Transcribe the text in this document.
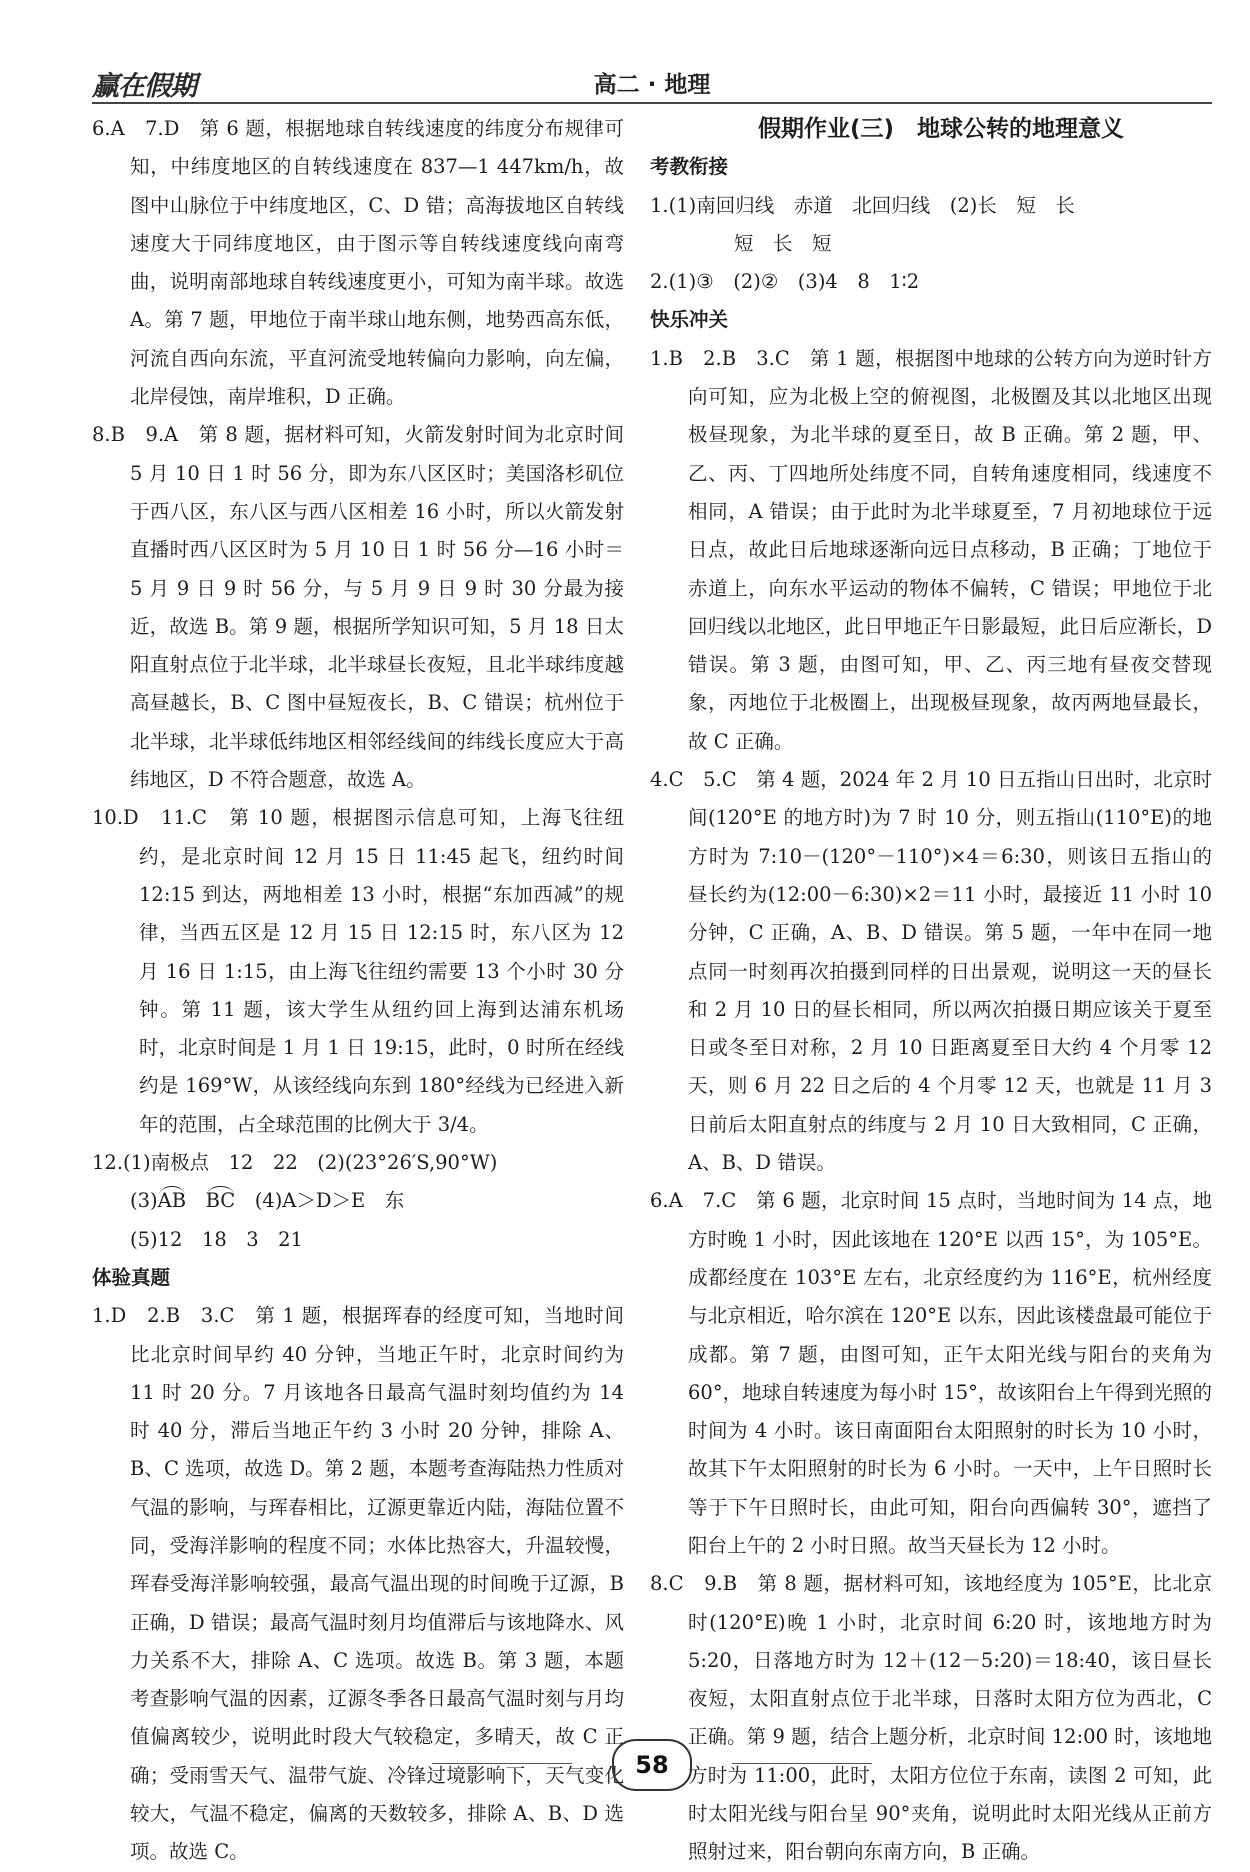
赢在假期	高二 · 地理

6.A　7.D　第 6 题，根据地球自转线速度的纬度分布规律可知，中纬度地区的自转线速度在 837—1 447km/h，故图中山脉位于中纬度地区，C、D 错；高海拔地区自转线速度大于同纬度地区，由于图示等自转线速度线向南弯曲，说明南部地球自转线速度更小，可知为南半球。故选 A。第 7 题，甲地位于南半球山地东侧，地势西高东低，河流自西向东流，平直河流受地转偏向力影响，向左偏，北岸侵蚀，南岸堆积，D 正确。

8.B　9.A　第 8 题，据材料可知，火箭发射时间为北京时间 5 月 10 日 1 时 56 分，即为东八区区时；美国洛杉矶位于西八区，东八区与西八区相差 16 小时，所以火箭发射直播时西八区区时为 5 月 10 日 1 时 56 分—16 小时＝5 月 9 日 9 时 56 分，与 5 月 9 日 9 时 30 分最为接近，故选 B。第 9 题，根据所学知识可知，5 月 18 日太阳直射点位于北半球，北半球昼长夜短，且北半球纬度越高昼越长，B、C 图中昼短夜长，B、C 错误；杭州位于北半球，北半球低纬地区相邻经线间的纬线长度应大于高纬地区，D 不符合题意，故选 A。

10.D　11.C　第 10 题，根据图示信息可知，上海飞往纽约，是北京时间 12 月 15 日 11:45 起飞，纽约时间 12:15 到达，两地相差 13 小时，根据“东加西减”的规律，当西五区是 12 月 15 日 12:15 时，东八区为 12 月 16 日 1:15，由上海飞往纽约需要 13 个小时 30 分钟。第 11 题，该大学生从纽约回上海到达浦东机场时，北京时间是 1 月 1 日 19:15，此时，0 时所在经线约是 169°W，从该经线向东到 180°经线为已经进入新年的范围，占全球范围的比例大于 3/4。

12.(1)南极点　12　22　(2)(23°26′S,90°W)

(3)AB　 BC　(4)A＞D＞E　东

(5)12　18　3　21

体验真题

1.D　2.B　3.C　第 1 题，根据珲春的经度可知，当地时间比北京时间早约 40 分钟，当地正午时，北京时间约为 11 时 20 分。7 月该地各日最高气温时刻均值约为 14 时 40 分，滞后当地正午约 3 小时 20 分钟，排除 A、B、C 选项，故选 D。第 2 题，本题考查海陆热力性质对气温的影响，与珲春相比，辽源更靠近内陆，海陆位置不同，受海洋影响的程度不同；水体比热容大，升温较慢，珲春受海洋影响较强，最高气温出现的时间晚于辽源，B 正确，D 错误；最高气温时刻月均值滞后与该地降水、风力关系不大，排除 A、C 选项。故选 B。第 3 题，本题考查影响气温的因素，辽源冬季各日最高气温时刻与月均值偏离较少，说明此时段大气较稳定，多晴天，故 C 正确；受雨雪天气、温带气旋、冷锋过境影响下，天气变化较大，气温不稳定，偏离的天数较多，排除 A、B、D 选项。故选 C。

假期作业(三)　地球公转的地理意义

考教衔接

1.(1)南回归线　赤道　北回归线　(2)长　短　长

短　长　短

2.(1)③　(2)②　(3)4　8　1∶2

快乐冲关

1.B　2.B　3.C　第 1 题，根据图中地球的公转方向为逆时针方向可知，应为北极上空的俯视图，北极圈及其以北地区出现极昼现象，为北半球的夏至日，故 B 正确。第 2 题，甲、乙、丙、丁四地所处纬度不同，自转角速度相同，线速度不相同，A 错误；由于此时为北半球夏至，7 月初地球位于远日点，故此日后地球逐渐向远日点移动，B 正确；丁地位于赤道上，向东水平运动的物体不偏转，C 错误；甲地位于北回归线以北地区，此日甲地正午日影最短，此日后应渐长，D 错误。第 3 题，由图可知，甲、乙、丙三地有昼夜交替现象，丙地位于北极圈上，出现极昼现象，故丙两地昼最长，故 C 正确。

4.C　5.C　第 4 题，2024 年 2 月 10 日五指山日出时，北京时间(120°E 的地方时)为 7 时 10 分，则五指山(110°E)的地方时为 7:10－(120°－110°)×4＝6:30，则该日五指山的昼长约为(12:00－6:30)×2＝11 小时，最接近 11 小时 10 分钟，C 正确，A、B、D 错误。第 5 题，一年中在同一地点同一时刻再次拍摄到同样的日出景观，说明这一天的昼长和 2 月 10 日的昼长相同，所以两次拍摄日期应该关于夏至日或冬至日对称，2 月 10 日距离夏至日大约 4 个月零 12 天，则 6 月 22 日之后的 4 个月零 12 天，也就是 11 月 3 日前后太阳直射点的纬度与 2 月 10 日大致相同，C 正确，A、B、D 错误。

6.A　7.C　第 6 题，北京时间 15 点时，当地时间为 14 点，地方时晚 1 小时，因此该地在 120°E 以西 15°，为 105°E。成都经度在 103°E 左右，北京经度约为 116°E，杭州经度与北京相近，哈尔滨在 120°E 以东，因此该楼盘最可能位于成都。第 7 题，由图可知，正午太阳光线与阳台的夹角为 60°，地球自转速度为每小时 15°，故该阳台上午得到光照的时间为 4 小时。该日南面阳台太阳照射的时长为 10 小时，故其下午太阳照射的时长为 6 小时。一天中，上午日照时长等于下午日照时长，由此可知，阳台向西偏转 30°，遮挡了阳台上午的 2 小时日照。故当天昼长为 12 小时。

8.C　9.B　第 8 题，据材料可知，该地经度为 105°E，比北京时(120°E)晚 1 小时，北京时间 6:20 时，该地地方时为 5:20，日落地方时为 12＋(12－5:20)＝18:40，该日昼长夜短，太阳直射点位于北半球，日落时太阳方位为西北，C 正确。第 9 题，结合上题分析，北京时间 12:00 时，该地地方时为 11:00，此时，太阳方位位于东南，读图 2 可知，此时太阳光线与阳台呈 90°夹角，说明此时太阳光线从正前方照射过来，阳台朝向东南方向，B 正确。

58
